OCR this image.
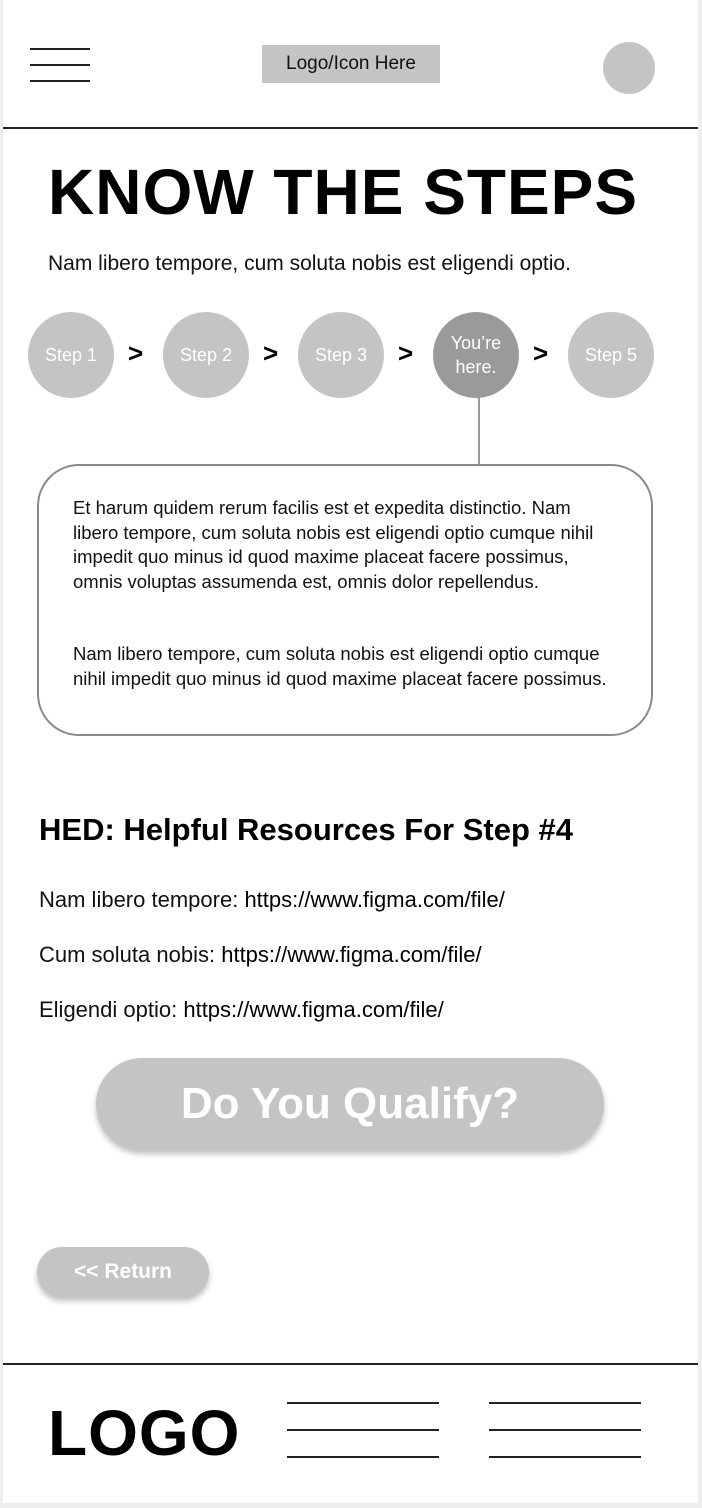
Logo/Icon Here
KNOW THE STEPS
Nam libero tempore, cum soluta nobis est eligendi optio.
Step 1	>	Step 2	>	Step 3	>	You’re here.	>	Step 5

Et harum quidem rerum facilis est et expedita distinctio. Nam libero tempore, cum soluta nobis est eligendi optio cumque nihil impedit quo minus id quod maxime placeat facere possimus, omnis voluptas assumenda est, omnis dolor repellendus.

Nam libero tempore, cum soluta nobis est eligendi optio cumque nihil impedit quo minus id quod maxime placeat facere possimus.

HED: Helpful Resources For Step #4
Nam libero tempore: https://www.figma.com/file/
Cum soluta nobis: https://www.figma.com/file/
Eligendi optio: https://www.figma.com/file/
Do You Qualify?
<< Return
LOGO
